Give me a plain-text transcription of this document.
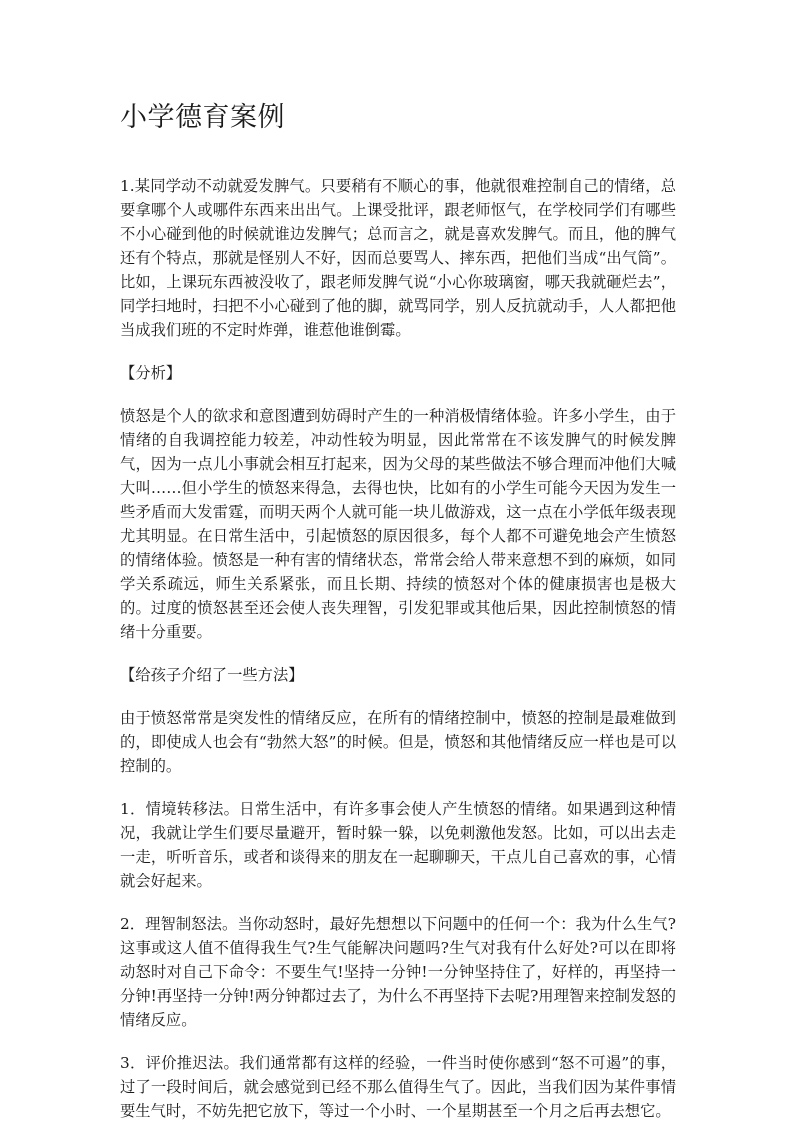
小学德育案例

1.某同学动不动就爱发脾气。只要稍有不顺心的事，他就很难控制自己的情绪，总要拿哪个人或哪件东西来出出气。上课受批评，跟老师怄气，在学校同学们有哪些不小心碰到他的时候就谁边发脾气；总而言之，就是喜欢发脾气。而且，他的脾气还有个特点，那就是怪别人不好，因而总要骂人、摔东西，把他们当成“出气筒”。比如，上课玩东西被没收了，跟老师发脾气说“小心你玻璃窗，哪天我就砸烂去”，同学扫地时，扫把不小心碰到了他的脚，就骂同学，别人反抗就动手，人人都把他当成我们班的不定时炸弹，谁惹他谁倒霉。

【分析】

愤怒是个人的欲求和意图遭到妨碍时产生的一种消极情绪体验。许多小学生，由于情绪的自我调控能力较差，冲动性较为明显，因此常常在不该发脾气的时候发脾气，因为一点儿小事就会相互打起来，因为父母的某些做法不够合理而冲他们大喊大叫……但小学生的愤怒来得急，去得也快，比如有的小学生可能今天因为发生一些矛盾而大发雷霆，而明天两个人就可能一块儿做游戏，这一点在小学低年级表现尤其明显。在日常生活中，引起愤怒的原因很多，每个人都不可避免地会产生愤怒的情绪体验。愤怒是一种有害的情绪状态，常常会给人带来意想不到的麻烦，如同学关系疏远，师生关系紧张，而且长期、持续的愤怒对个体的健康损害也是极大的。过度的愤怒甚至还会使人丧失理智，引发犯罪或其他后果，因此控制愤怒的情绪十分重要。

【给孩子介绍了一些方法】

由于愤怒常常是突发性的情绪反应，在所有的情绪控制中，愤怒的控制是最难做到的，即使成人也会有“勃然大怒”的时候。但是，愤怒和其他情绪反应一样也是可以控制的。

1．情境转移法。日常生活中，有许多事会使人产生愤怒的情绪。如果遇到这种情况，我就让学生们要尽量避开，暂时躲一躲，以免刺激他发怒。比如，可以出去走一走，听听音乐，或者和谈得来的朋友在一起聊聊天，干点儿自己喜欢的事，心情就会好起来。

2．理智制怒法。当你动怒时，最好先想想以下问题中的任何一个：我为什么生气?这事或这人值不值得我生气?生气能解决问题吗?生气对我有什么好处?可以在即将动怒时对自己下命令：不要生气!坚持一分钟!一分钟坚持住了，好样的，再坚持一分钟!再坚持一分钟!两分钟都过去了，为什么不再坚持下去呢?用理智来控制发怒的情绪反应。

3．评价推迟法。我们通常都有这样的经验，一件当时使你感到“怒不可遏”的事，过了一段时间后，就会感觉到已经不那么值得生气了。因此，当我们因为某件事情要生气时，不妨先把它放下，等过一个小时、一个星期甚至一个月之后再去想它。
